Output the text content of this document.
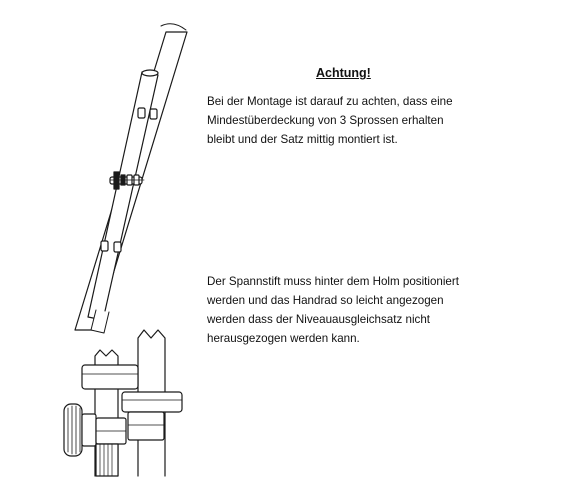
Achtung!

Bei der Montage ist darauf zu achten, dass eine
Mindestüberdeckung von 3 Sprossen erhalten
bleibt und der Satz mittig montiert ist.

Der Spannstift muss hinter dem Holm positioniert
werden und das Handrad so leicht angezogen
werden dass der Niveauausgleichsatz nicht
herausgezogen werden kann.
